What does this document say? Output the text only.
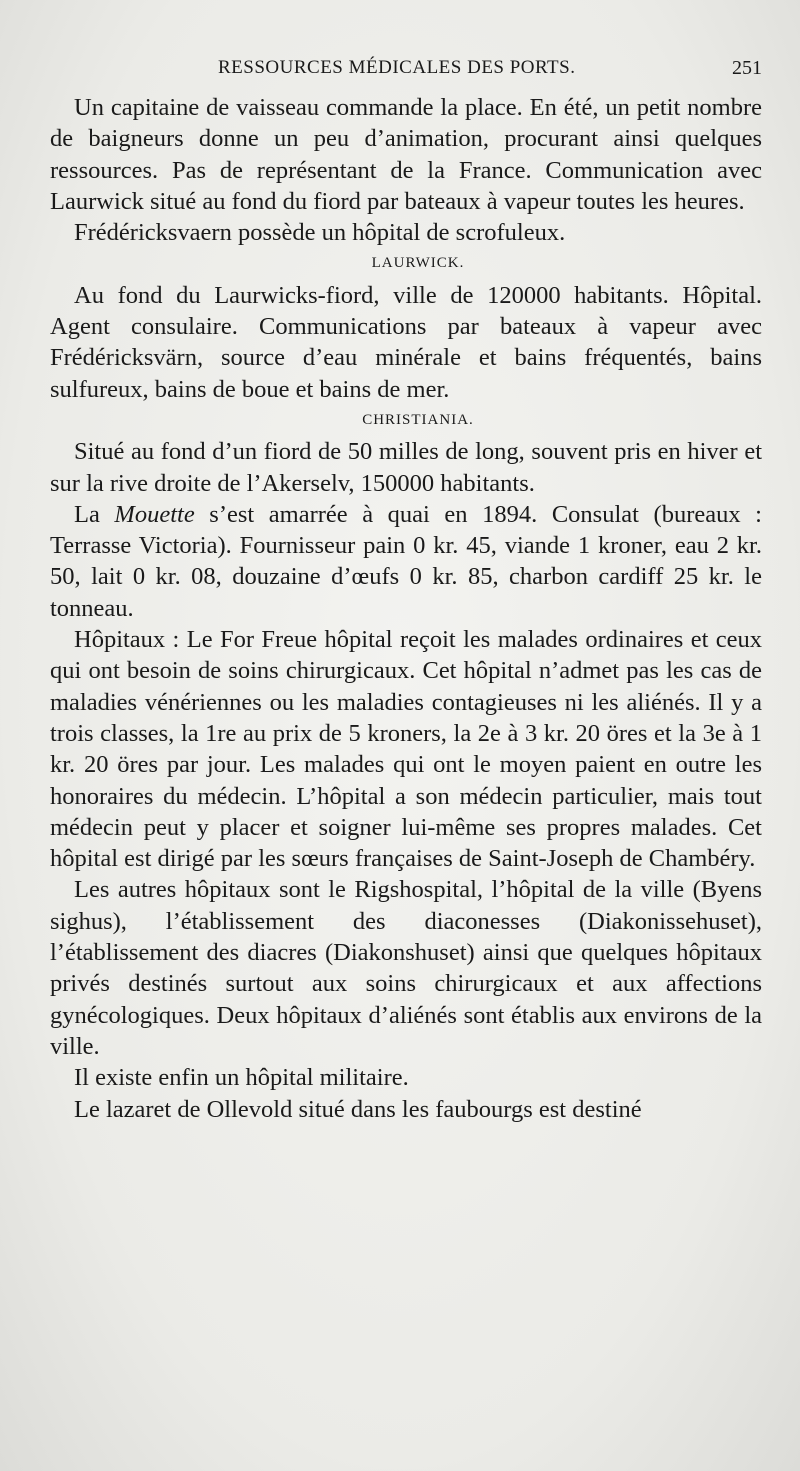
RESSOURCES MÉDICALES DES PORTS.	251

Un capitaine de vaisseau commande la place. En été, un petit nombre de baigneurs donne un peu d’animation, procurant ainsi quelques ressources. Pas de représentant de la France. Communication avec Laurwick situé au fond du fiord par bateaux à vapeur toutes les heures.

Frédéricksvaern possède un hôpital de scrofuleux.

LAURWICK.

Au fond du Laurwicks-fiord, ville de 120000 habitants. Hôpital. Agent consulaire. Communications par bateaux à vapeur avec Frédéricksvärn, source d’eau minérale et bains fréquentés, bains sulfureux, bains de boue et bains de mer.

CHRISTIANIA.

Situé au fond d’un fiord de 50 milles de long, souvent pris en hiver et sur la rive droite de l’Akerselv, 150000 habitants.

La Mouette s’est amarrée à quai en 1894. Consulat (bureaux : Terrasse Victoria). Fournisseur pain 0 kr. 45, viande 1 kroner, eau 2 kr. 50, lait 0 kr. 08, douzaine d’œufs 0 kr. 85, charbon cardiff 25 kr. le tonneau.

Hôpitaux : Le For Freue hôpital reçoit les malades ordinaires et ceux qui ont besoin de soins chirurgicaux. Cet hôpital n’admet pas les cas de maladies vénériennes ou les maladies contagieuses ni les aliénés. Il y a trois classes, la 1re au prix de 5 kroners, la 2e à 3 kr. 20 öres et la 3e à 1 kr. 20 öres par jour. Les malades qui ont le moyen paient en outre les honoraires du médecin. L’hôpital a son médecin particulier, mais tout médecin peut y placer et soigner lui-même ses propres malades. Cet hôpital est dirigé par les sœurs françaises de Saint-Joseph de Chambéry.

Les autres hôpitaux sont le Rigshospital, l’hôpital de la ville (Byens sighus), l’établissement des diaconesses (Diakonissehuset), l’établissement des diacres (Diakonshuset) ainsi que quelques hôpitaux privés destinés surtout aux soins chirurgicaux et aux affections gynécologiques. Deux hôpitaux d’aliénés sont établis aux environs de la ville.

Il existe enfin un hôpital militaire.

Le lazaret de Ollevold situé dans les faubourgs est destiné
